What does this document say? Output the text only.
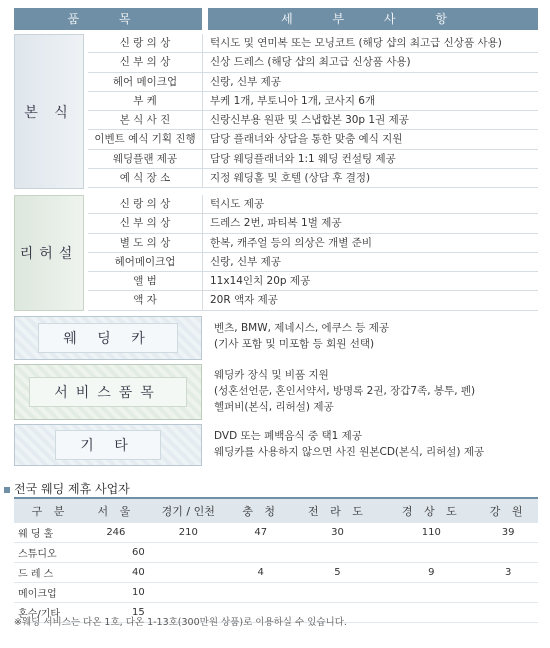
품 목	세 부 사 항
본 식
신 랑 의 상	턱시도 및 연미복 또는 모닝코트 (해당 샵의 최고급 신상품 사용)
신 부 의 상	신상 드레스 (해당 샵의 최고급 신상품 사용)
헤어 메이크업	신랑, 신부 제공
부 케	부케 1개, 부토니아 1개, 코사지 6개
본 식 사 진	신랑신부용 원판 및 스냅합본 30p 1권 제공
이벤트 예식 기획 진행	담당 플래너와 상담을 통한 맞춤 예식 지원
웨딩플랜 제공	담당 웨딩플래너와 1:1 웨딩 컨설팅 제공
예 식 장 소	지정 웨딩홀 및 호텔 (상담 후 결정)
리허설
신 랑 의 상	턱시도 제공
신 부 의 상	드레스 2번, 파티복 1벌 제공
별 도 의 상	한복, 캐주얼 등의 의상은 개별 준비
헤어메이크업	신랑, 신부 제공
앨 범	11x14인치 20p 제공
액 자	20R 액자 제공
웨 딩 카
벤츠, BMW, 제네시스, 에쿠스 등 제공
(기사 포함 및 미포함 등 회원 선택)
서비스품목
웨딩카 장식 및 비품 지원
(성혼선언문, 혼인서약서, 방명록 2권, 장갑7족, 봉투, 펜)
헬퍼비(본식, 리허설) 제공
기 타
DVD 또는 폐백음식 중 택1 제공
웨딩카를 사용하지 않으면 사진 원본CD(본식, 리허설) 제공
전국 웨딩 제휴 사업자
구 분	서 울	경기 / 인천	충 청	전 라 도	경 상 도	강 원
웨 딩 홀	246	210	47	30	110	39
스튜디오	60					
드 레 스	40		4	5	9	3
메이크업	10					
혼수/기타	15					
※웨딩 서비스는 다온 1호, 다온 1-13호(300만원 상품)로 이용하실 수 있습니다.
